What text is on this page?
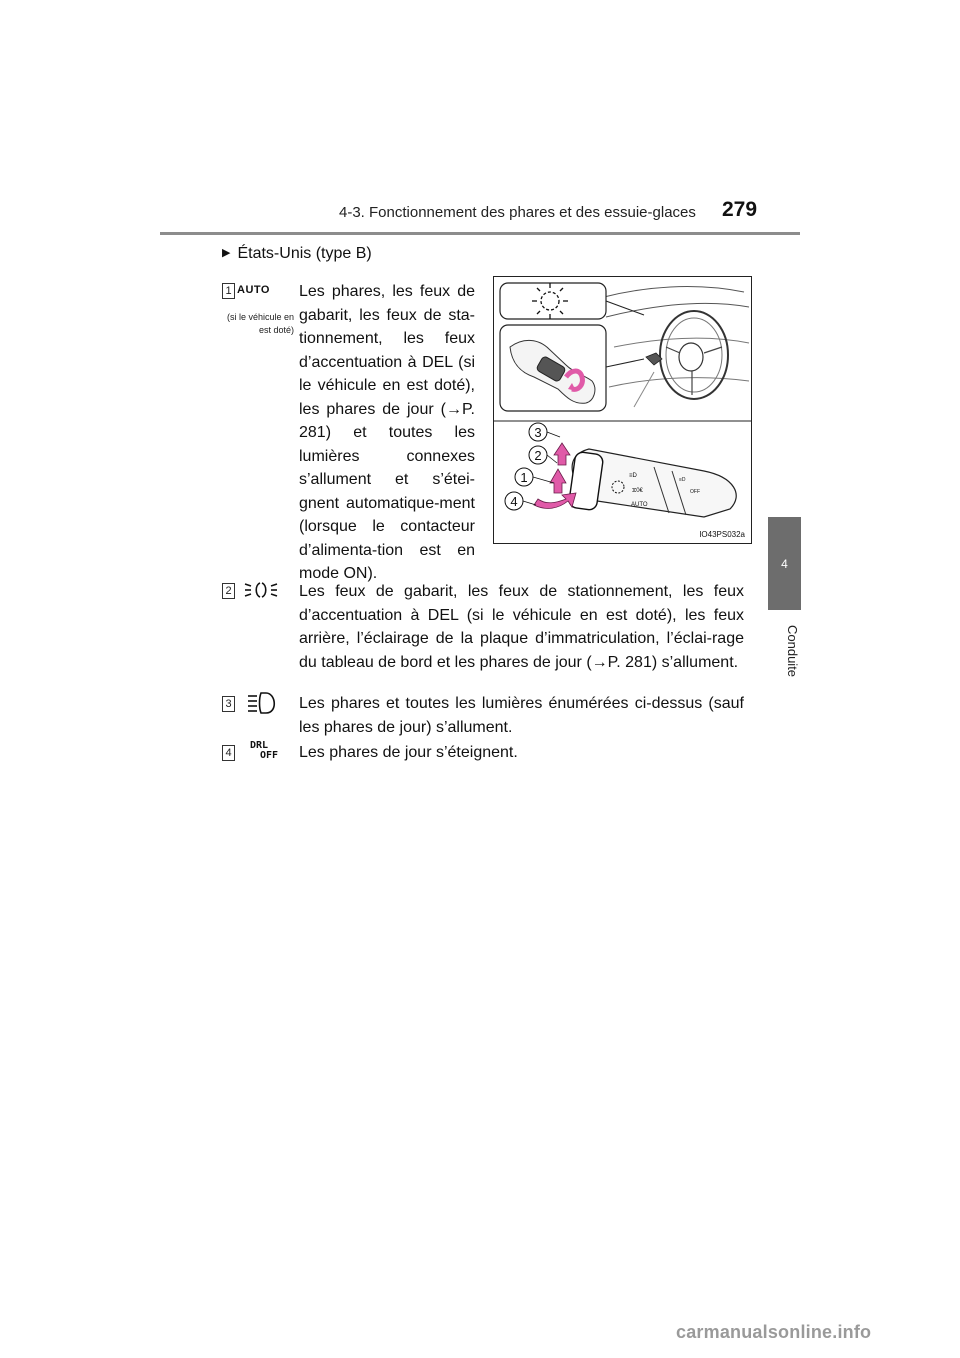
4-3. Fonctionnement des phares et des essuie-glaces 279
4
Conduite
▶ États-Unis (type B)
1 AUTO
(si le véhicule en est doté)
Les phares, les feux de gabarit, les feux de sta-tionnement, les feux d’accentuation à DEL (si le véhicule en est doté), les phares de jour (→P. 281) et toutes les lumières connexes s’allument et s’étei-gnent automatique-ment (lorsque le contacteur d’alimenta-tion est en mode ON).
≡D
⧖0€
AUTO
≡D
OFF
3
2
1
4
IO43PS032a
2	Les feux de gabarit, les feux de stationnement, les feux d’accentuation à DEL (si le véhicule en est doté), les feux arrière, l’éclairage de la plaque d’immatriculation, l’éclai-rage du tableau de bord et les phares de jour (→P. 281) s’allument.
3	Les phares et toutes les lumières énumérées ci-dessus (sauf les phares de jour) s’allument.
4
DRL
OFF Les phares de jour s’éteignent.
carmanualsonline.info
